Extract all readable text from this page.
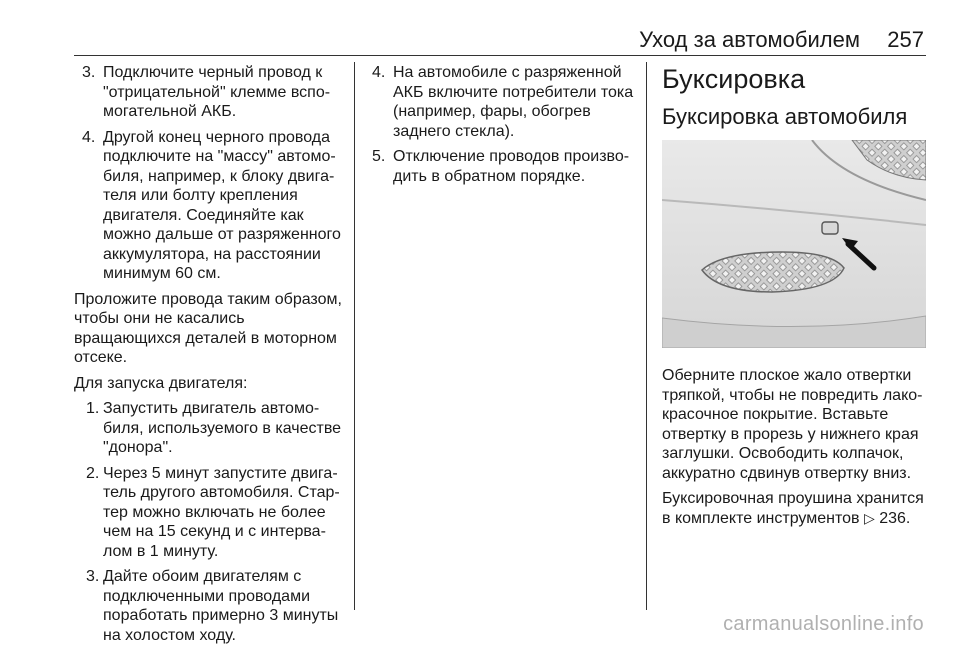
Уход за автомобилем 257
3. Подключите черный провод к "отрицательной" клемме вспо-могательной АКБ.
4. Другой конец черного провода подключите на "массу" автомо-биля, например, к блоку двига-теля или болту крепления двигателя. Соединяйте как можно дальше от разряженного аккумулятора, на расстоянии минимум 60 см.

Проложите провода таким образом, чтобы они не касались вращающихся деталей в моторном отсеке.

Для запуска двигателя:

1. Запустить двигатель автомо-биля, используемого в качестве "донора".
2. Через 5 минут запустите двига-тель другого автомобиля. Стар-тер можно включать не более чем на 15 секунд и с интерва-лом в 1 минуту.
3. Дайте обоим двигателям с подключенными проводами поработать примерно 3 минуты на холостом ходу.
4. На автомобиле с разряженной АКБ включите потребители тока (например, фары, обогрев заднего стекла).
5. Отключение проводов произво-дить в обратном порядке.
Буксировка
Буксировка автомобиля

Оберните плоское жало отвертки тряпкой, чтобы не повредить лако-красочное покрытие. Вставьте отвертку в прорезь у нижнего края заглушки. Освободить колпачок, аккуратно сдвинув отвертку вниз.

Буксировочная проушина хранится в комплекте инструментов ▷ 236.

carmanualsonline.info
